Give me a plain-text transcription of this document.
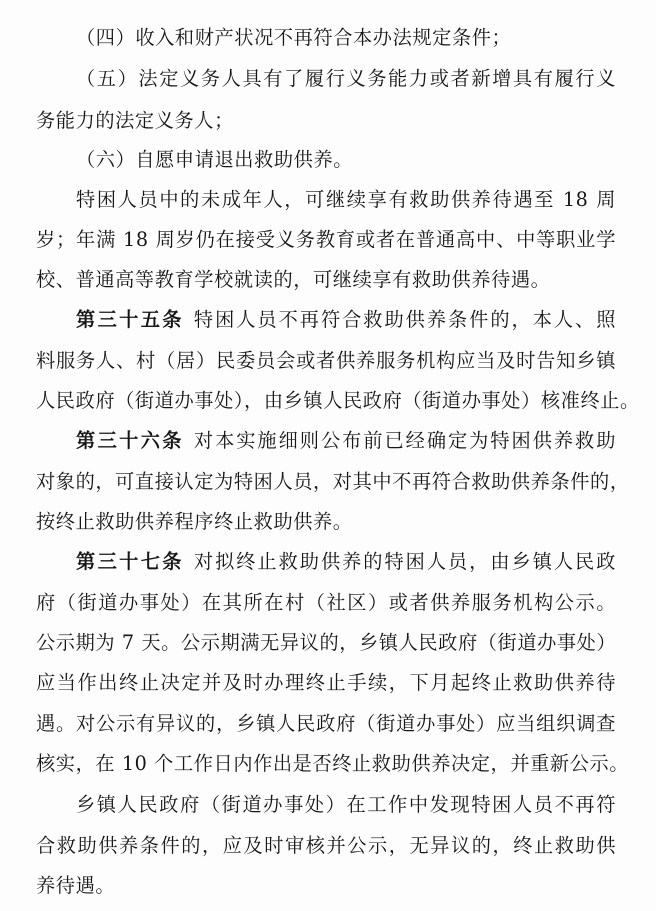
（四）收入和财产状况不再符合本办法规定条件；
（五）法定义务人具有了履行义务能力或者新增具有履行义
务能力的法定义务人；
（六）自愿申请退出救助供养。
特困人员中的未成年人，可继续享有救助供养待遇至 18 周
岁；年满 18 周岁仍在接受义务教育或者在普通高中、中等职业学
校、普通高等教育学校就读的，可继续享有救助供养待遇。
第三十五条 特困人员不再符合救助供养条件的，本人、照
料服务人、村（居）民委员会或者供养服务机构应当及时告知乡镇
人民政府（街道办事处），由乡镇人民政府（街道办事处）核准终止。
第三十六条 对本实施细则公布前已经确定为特困供养救助
对象的，可直接认定为特困人员，对其中不再符合救助供养条件的，
按终止救助供养程序终止救助供养。
第三十七条 对拟终止救助供养的特困人员，由乡镇人民政
府（街道办事处）在其所在村（社区）或者供养服务机构公示。
公示期为 7 天。公示期满无异议的，乡镇人民政府（街道办事处）
应当作出终止决定并及时办理终止手续，下月起终止救助供养待
遇。对公示有异议的，乡镇人民政府（街道办事处）应当组织调查
核实，在 10 个工作日内作出是否终止救助供养决定，并重新公示。
乡镇人民政府（街道办事处）在工作中发现特困人员不再符
合救助供养条件的，应及时审核并公示，无异议的，终止救助供
养待遇。
